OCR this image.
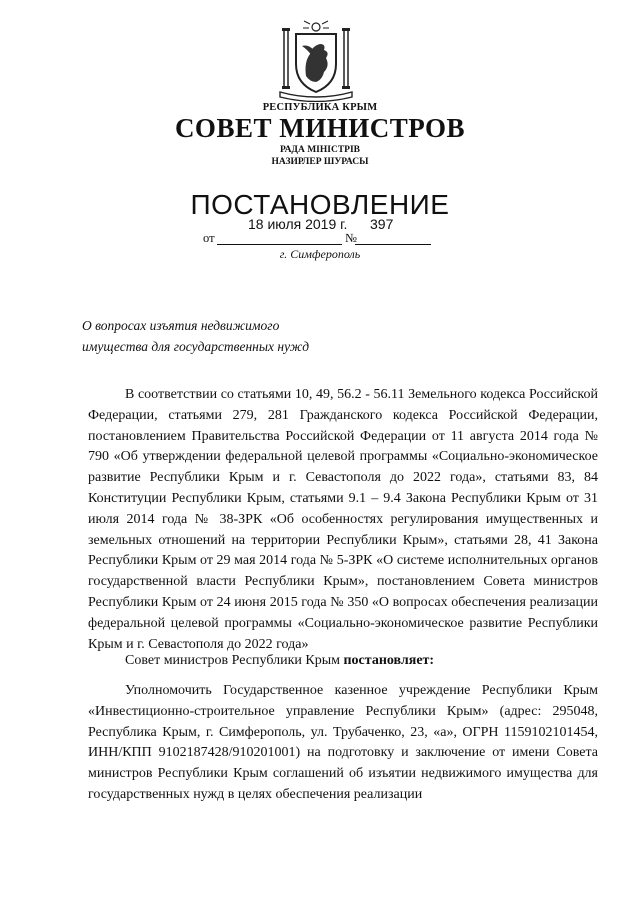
РЕСПУБЛИКА КРЫМ
СОВЕТ МИНИСТРОВ
РАДА МІНІСТРІВ
НАЗИРЛЕР ШУРАСЫ
ПОСТАНОВЛЕНИЕ
18 июля 2019 г. 397
от	№
г. Симферополь
О вопросах изъятия недвижимого
имущества для государственных нужд

В соответствии со статьями 10, 49, 56.2 - 56.11 Земельного кодекса Российской Федерации, статьями 279, 281 Гражданского кодекса Российской Федерации, постановлением Правительства Российской Федерации от 11 августа 2014 года № 790 «Об утверждении федеральной целевой программы «Социально-экономическое развитие Республики Крым и г. Севастополя до 2022 года», статьями 83, 84 Конституции Республики Крым, статьями 9.1 – 9.4 Закона Республики Крым от 31 июля 2014 года № 38-ЗРК «Об особенностях регулирования имущественных и земельных отношений на территории Республики Крым», статьями 28, 41 Закона Республики Крым от 29 мая 2014 года № 5-ЗРК «О системе исполнительных органов государственной власти Республики Крым», постановлением Совета министров Республики Крым от 24 июня 2015 года № 350 «О вопросах обеспечения реализации федеральной целевой программы «Социально-экономическое развитие Республики Крым и г. Севастополя до 2022 года»

Совет министров Республики Крым постановляет:

Уполномочить Государственное казенное учреждение Республики Крым «Инвестиционно-строительное управление Республики Крым» (адрес: 295048, Республика Крым, г. Симферополь, ул. Трубаченко, 23, «а», ОГРН 1159102101454, ИНН/КПП 9102187428/910201001) на подготовку и заключение от имени Совета министров Республики Крым соглашений об изъятии недвижимого имущества для государственных нужд в целях обеспечения реализации
